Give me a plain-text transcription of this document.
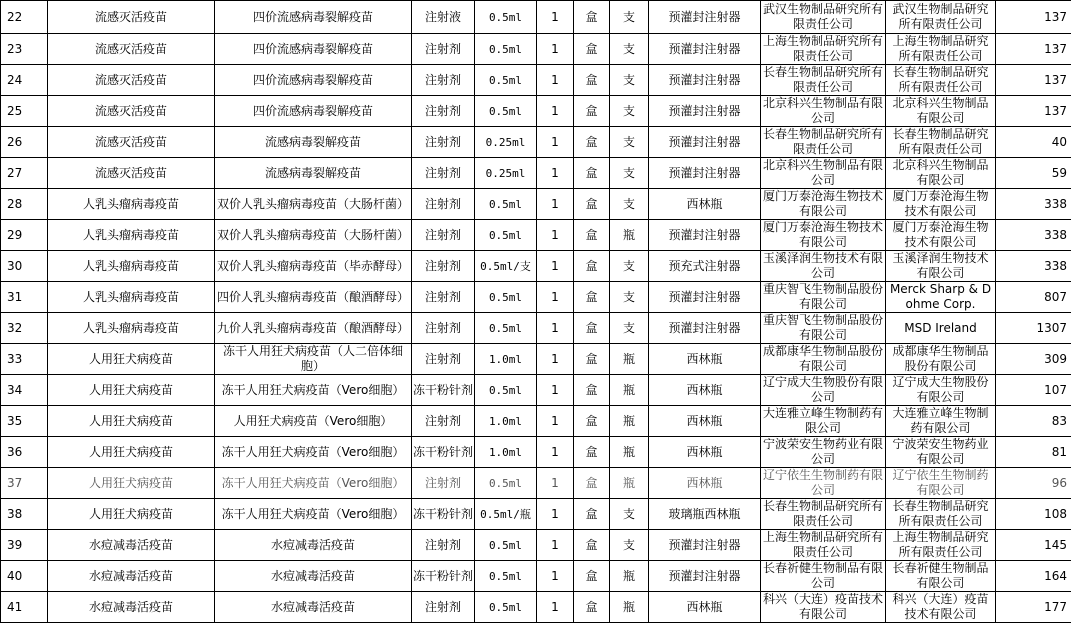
22	流感灭活疫苗	四价流感病毒裂解疫苗	注射液	0.5ml	1	盒	支	预灌封注射器	武汉生物制品研究所有限责任公司	武汉生物制品研究所有限责任公司	137
23	流感灭活疫苗	四价流感病毒裂解疫苗	注射剂	0.5ml	1	盒	支	预灌封注射器	上海生物制品研究所有限责任公司	上海生物制品研究所有限责任公司	137
24	流感灭活疫苗	四价流感病毒裂解疫苗	注射剂	0.5ml	1	盒	支	预灌封注射器	长春生物制品研究所有限责任公司	长春生物制品研究所有限责任公司	137
25	流感灭活疫苗	四价流感病毒裂解疫苗	注射剂	0.5ml	1	盒	支	预灌封注射器	北京科兴生物制品有限公司	北京科兴生物制品有限公司	137
26	流感灭活疫苗	流感病毒裂解疫苗	注射剂	0.25ml	1	盒	支	预灌封注射器	长春生物制品研究所有限责任公司	长春生物制品研究所有限责任公司	40
27	流感灭活疫苗	流感病毒裂解疫苗	注射剂	0.25ml	1	盒	支	预灌封注射器	北京科兴生物制品有限公司	北京科兴生物制品有限公司	59
28	人乳头瘤病毒疫苗	双价人乳头瘤病毒疫苗（大肠杆菌）	注射剂	0.5ml	1	盒	支	西林瓶	厦门万泰沧海生物技术有限公司	厦门万泰沧海生物技术有限公司	338
29	人乳头瘤病毒疫苗	双价人乳头瘤病毒疫苗（大肠杆菌）	注射剂	0.5ml	1	盒	瓶	预灌封注射器	厦门万泰沧海生物技术有限公司	厦门万泰沧海生物技术有限公司	338
30	人乳头瘤病毒疫苗	双价人乳头瘤病毒疫苗（毕赤酵母）	注射剂	0.5ml/支	1	盒	支	预充式注射器	玉溪泽润生物技术有限公司	玉溪泽润生物技术有限公司	338
31	人乳头瘤病毒疫苗	四价人乳头瘤病毒疫苗（酿酒酵母）	注射剂	0.5ml	1	盒	支	预灌封注射器	重庆智飞生物制品股份有限公司	Merck Sharp & Dohme Corp.	807
32	人乳头瘤病毒疫苗	九价人乳头瘤病毒疫苗（酿酒酵母）	注射剂	0.5ml	1	盒	支	预灌封注射器	重庆智飞生物制品股份有限公司	MSD Ireland	1307
33	人用狂犬病疫苗	冻干人用狂犬病疫苗（人二倍体细胞）	注射剂	1.0ml	1	盒	瓶	西林瓶	成都康华生物制品股份有限公司	成都康华生物制品股份有限公司	309
34	人用狂犬病疫苗	冻干人用狂犬病疫苗（Vero细胞）	冻干粉针剂	0.5ml	1	盒	瓶	西林瓶	辽宁成大生物股份有限公司	辽宁成大生物股份有限公司	107
35	人用狂犬病疫苗	人用狂犬病疫苗（Vero细胞）	注射剂	1.0ml	1	盒	瓶	西林瓶	大连雅立峰生物制药有限公司	大连雅立峰生物制药有限公司	83
36	人用狂犬病疫苗	冻干人用狂犬病疫苗（Vero细胞）	冻干粉针剂	1.0ml	1	盒	瓶	西林瓶	宁波荣安生物药业有限公司	宁波荣安生物药业有限公司	81
37	人用狂犬病疫苗	冻干人用狂犬病疫苗（Vero细胞）	注射剂	0.5ml	1	盒	瓶	西林瓶	辽宁依生生物制药有限公司	辽宁依生生物制药有限公司	96
38	人用狂犬病疫苗	冻干人用狂犬病疫苗（Vero细胞）	冻干粉针剂	0.5ml/瓶	1	盒	支	玻璃瓶西林瓶	长春生物制品研究所有限责任公司	长春生物制品研究所有限责任公司	108
39	水痘减毒活疫苗	水痘减毒活疫苗	注射剂	0.5ml	1	盒	支	预灌封注射器	上海生物制品研究所有限责任公司	上海生物制品研究所有限责任公司	145
40	水痘减毒活疫苗	水痘减毒活疫苗	冻干粉针剂	0.5ml	1	盒	瓶	预灌封注射器	长春祈健生物制品有限公司	长春祈健生物制品有限公司	164
41	水痘减毒活疫苗	水痘减毒活疫苗	注射剂	0.5ml	1	盒	瓶	西林瓶	科兴（大连）疫苗技术有限公司	科兴（大连）疫苗技术有限公司	177
